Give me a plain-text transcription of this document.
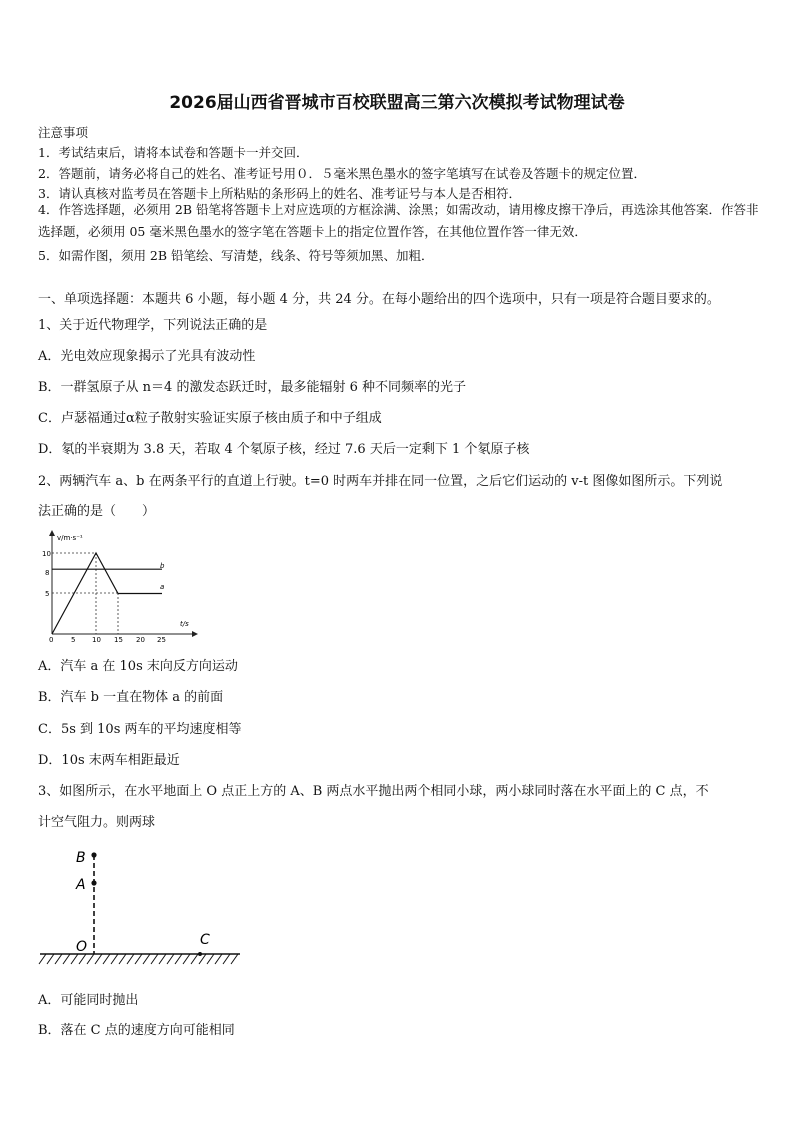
2026届山西省晋城市百校联盟高三第六次模拟考试物理试卷
注意事项
1．考试结束后，请将本试卷和答题卡一并交回．
2．答题前，请务必将自己的姓名、准考证号用０．５毫米黑色墨水的签字笔填写在试卷及答题卡的规定位置．
3．请认真核对监考员在答题卡上所粘贴的条形码上的姓名、准考证号与本人是否相符．
4．作答选择题，必须用 2B 铅笔将答题卡上对应选项的方框涂满、涂黑；如需改动，请用橡皮擦干净后，再选涂其他答案．作答非选择题，必须用 05 毫米黑色墨水的签字笔在答题卡上的指定位置作答，在其他位置作答一律无效．
5．如需作图，须用 2B 铅笔绘、写清楚，线条、符号等须加黑、加粗．
一、单项选择题：本题共 6 小题，每小题 4 分，共 24 分。在每小题给出的四个选项中，只有一项是符合题目要求的。
1、关于近代物理学，下列说法正确的是
A．光电效应现象揭示了光具有波动性
B．一群氢原子从 n＝4 的激发态跃迁时，最多能辐射 6 种不同频率的光子
C．卢瑟福通过α粒子散射实验证实原子核由质子和中子组成
D．氡的半衰期为 3.8 天，若取 4 个氡原子核，经过 7.6 天后一定剩下 1 个氡原子核
2、两辆汽车 a、b 在两条平行的直道上行驶。t=0 时两车并排在同一位置，之后它们运动的 v-t 图像如图所示。下列说
法正确的是（　　）
v/m·s⁻¹
t/s
10
8
5
0	5 10 15 20 25
b
a
A．汽车 a 在 10s 末向反方向运动
B．汽车 b 一直在物体 a 的前面
C．5s 到 10s 两车的平均速度相等
D．10s 末两车相距最近
3、如图所示，在水平地面上 O 点正上方的 A、B 两点水平抛出两个相同小球，两小球同时落在水平面上的 C 点，不
计空气阻力。则两球
B
A
O	C
A．可能同时抛出
B．落在 C 点的速度方向可能相同
